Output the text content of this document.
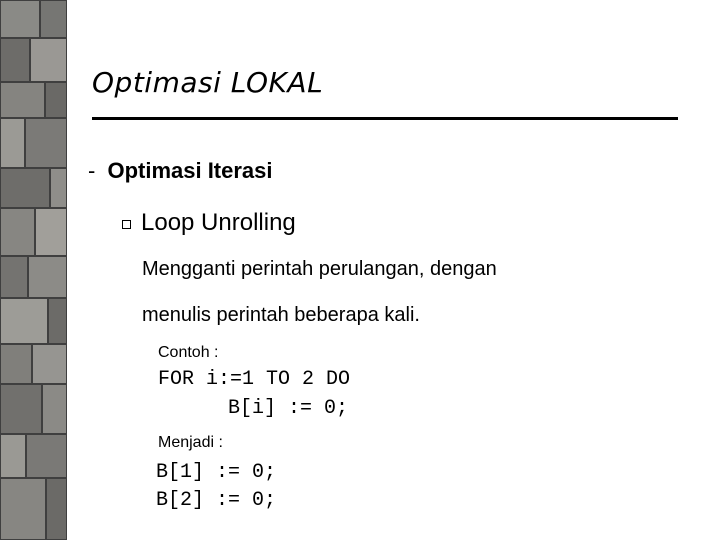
Optimasi LOKAL
- Optimasi Iterasi
Loop Unrolling
Mengganti perintah perulangan, dengan
menulis perintah beberapa kali.
Contoh :
FOR i:=1 TO 2 DO
B[i] := 0;
Menjadi :
B[1] := 0;
B[2] := 0;
